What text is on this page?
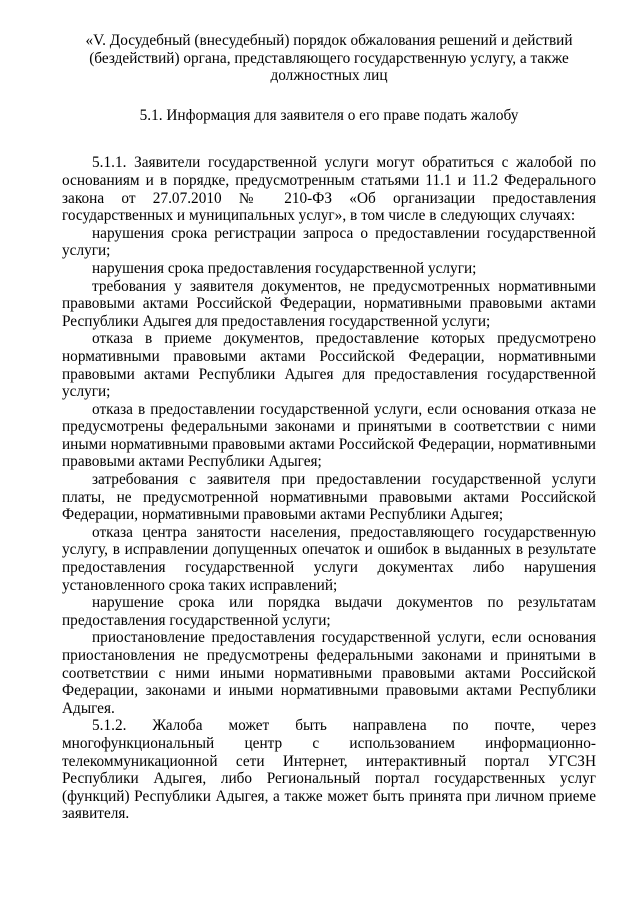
«V. Досудебный (внесудебный) порядок обжалования решений и действий (бездействий) органа, представляющего государственную услугу, а также должностных лиц

5.1. Информация для заявителя о его праве подать жалобу

5.1.1. Заявители государственной услуги могут обратиться с жалобой по основаниям и в порядке, предусмотренным статьями 11.1 и 11.2 Федерального закона от 27.07.2010 № 210-ФЗ «Об организации предоставления государственных и муниципальных услуг», в том числе в следующих случаях:

нарушения срока регистрации запроса о предоставлении государственной услуги;

нарушения срока предоставления государственной услуги;

требования у заявителя документов, не предусмотренных нормативными правовыми актами Российской Федерации, нормативными правовыми актами Республики Адыгея для предоставления государственной услуги;

отказа в приеме документов, предоставление которых предусмотрено нормативными правовыми актами Российской Федерации, нормативными правовыми актами Республики Адыгея для предоставления государственной услуги;

отказа в предоставлении государственной услуги, если основания отказа не предусмотрены федеральными законами и принятыми в соответствии с ними иными нормативными правовыми актами Российской Федерации, нормативными правовыми актами Республики Адыгея;

затребования с заявителя при предоставлении государственной услуги платы, не предусмотренной нормативными правовыми актами Российской Федерации, нормативными правовыми актами Республики Адыгея;

отказа центра занятости населения, предоставляющего государственную услугу, в исправлении допущенных опечаток и ошибок в выданных в результате предоставления государственной услуги документах либо нарушения установленного срока таких исправлений;

нарушение срока или порядка выдачи документов по результатам предоставления государственной услуги;

приостановление предоставления государственной услуги, если основания приостановления не предусмотрены федеральными законами и принятыми в соответствии с ними иными нормативными правовыми актами Российской Федерации, законами и иными нормативными правовыми актами Республики Адыгея.

5.1.2. Жалоба может быть направлена по почте, через многофункциональный центр с использованием информационно-телекоммуникационной сети Интернет, интерактивный портал УГСЗН Республики Адыгея, либо Региональный портал государственных услуг (функций) Республики Адыгея, а также может быть принята при личном приеме заявителя.
